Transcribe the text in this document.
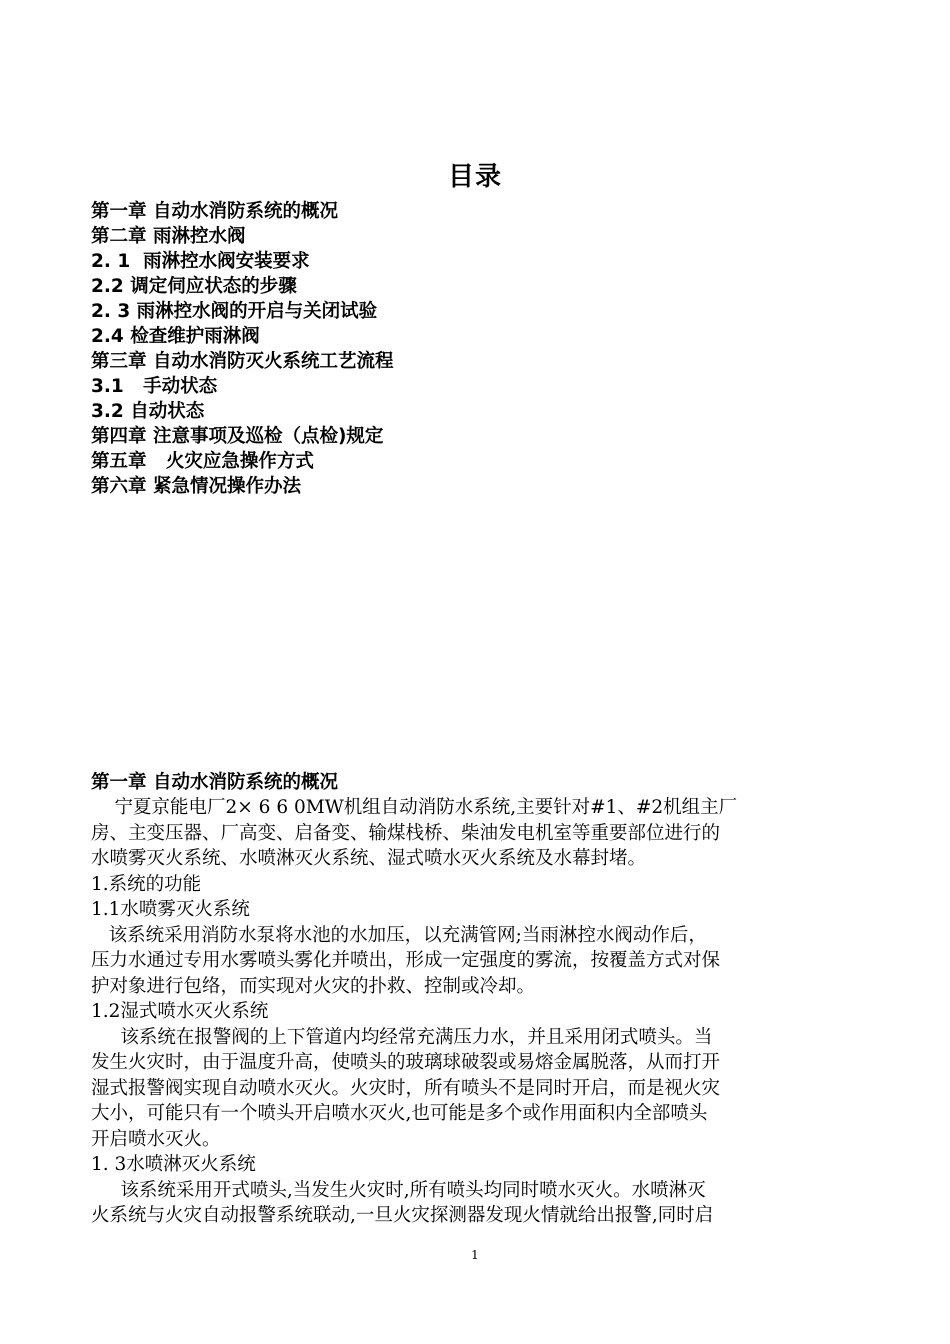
目录
第一章 自动水消防系统的概况
第二章 雨淋控水阀
2. 1  雨淋控水阀安装要求
2.2 调定伺应状态的步骤
2. 3 雨淋控水阀的开启与关闭试验
2.4 检查维护雨淋阀
第三章 自动水消防灭火系统工艺流程
3.1   手动状态
3.2 自动状态
第四章 注意事项及巡检（点检)规定
第五章   火灾应急操作方式
第六章 紧急情况操作办法
第一章 自动水消防系统的概况
宁夏京能电厂2× 6 6 0MW机组自动消防水系统,主要针对#1、#2机组主厂
房、主变压器、厂高变、启备变、输煤栈桥、柴油发电机室等重要部位进行的
水喷雾灭火系统、水喷淋灭火系统、湿式喷水灭火系统及水幕封堵。
1.系统的功能
1.1水喷雾灭火系统
该系统采用消防水泵将水池的水加压，以充满管网;当雨淋控水阀动作后，
压力水通过专用水雾喷头雾化并喷出，形成一定强度的雾流，按覆盖方式对保
护对象进行包络，而实现对火灾的扑救、控制或冷却。
1.2湿式喷水灭火系统
该系统在报警阀的上下管道内均经常充满压力水，并且采用闭式喷头。当
发生火灾时，由于温度升高，使喷头的玻璃球破裂或易熔金属脱落，从而打开
湿式报警阀实现自动喷水灭火。火灾时，所有喷头不是同时开启，而是视火灾
大小，可能只有一个喷头开启喷水灭火,也可能是多个或作用面积内全部喷头
开启喷水灭火。
1. 3水喷淋灭火系统
该系统采用开式喷头,当发生火灾时,所有喷头均同时喷水灭火。水喷淋灭
火系统与火灾自动报警系统联动,一旦火灾探测器发现火情就给出报警,同时启
1
